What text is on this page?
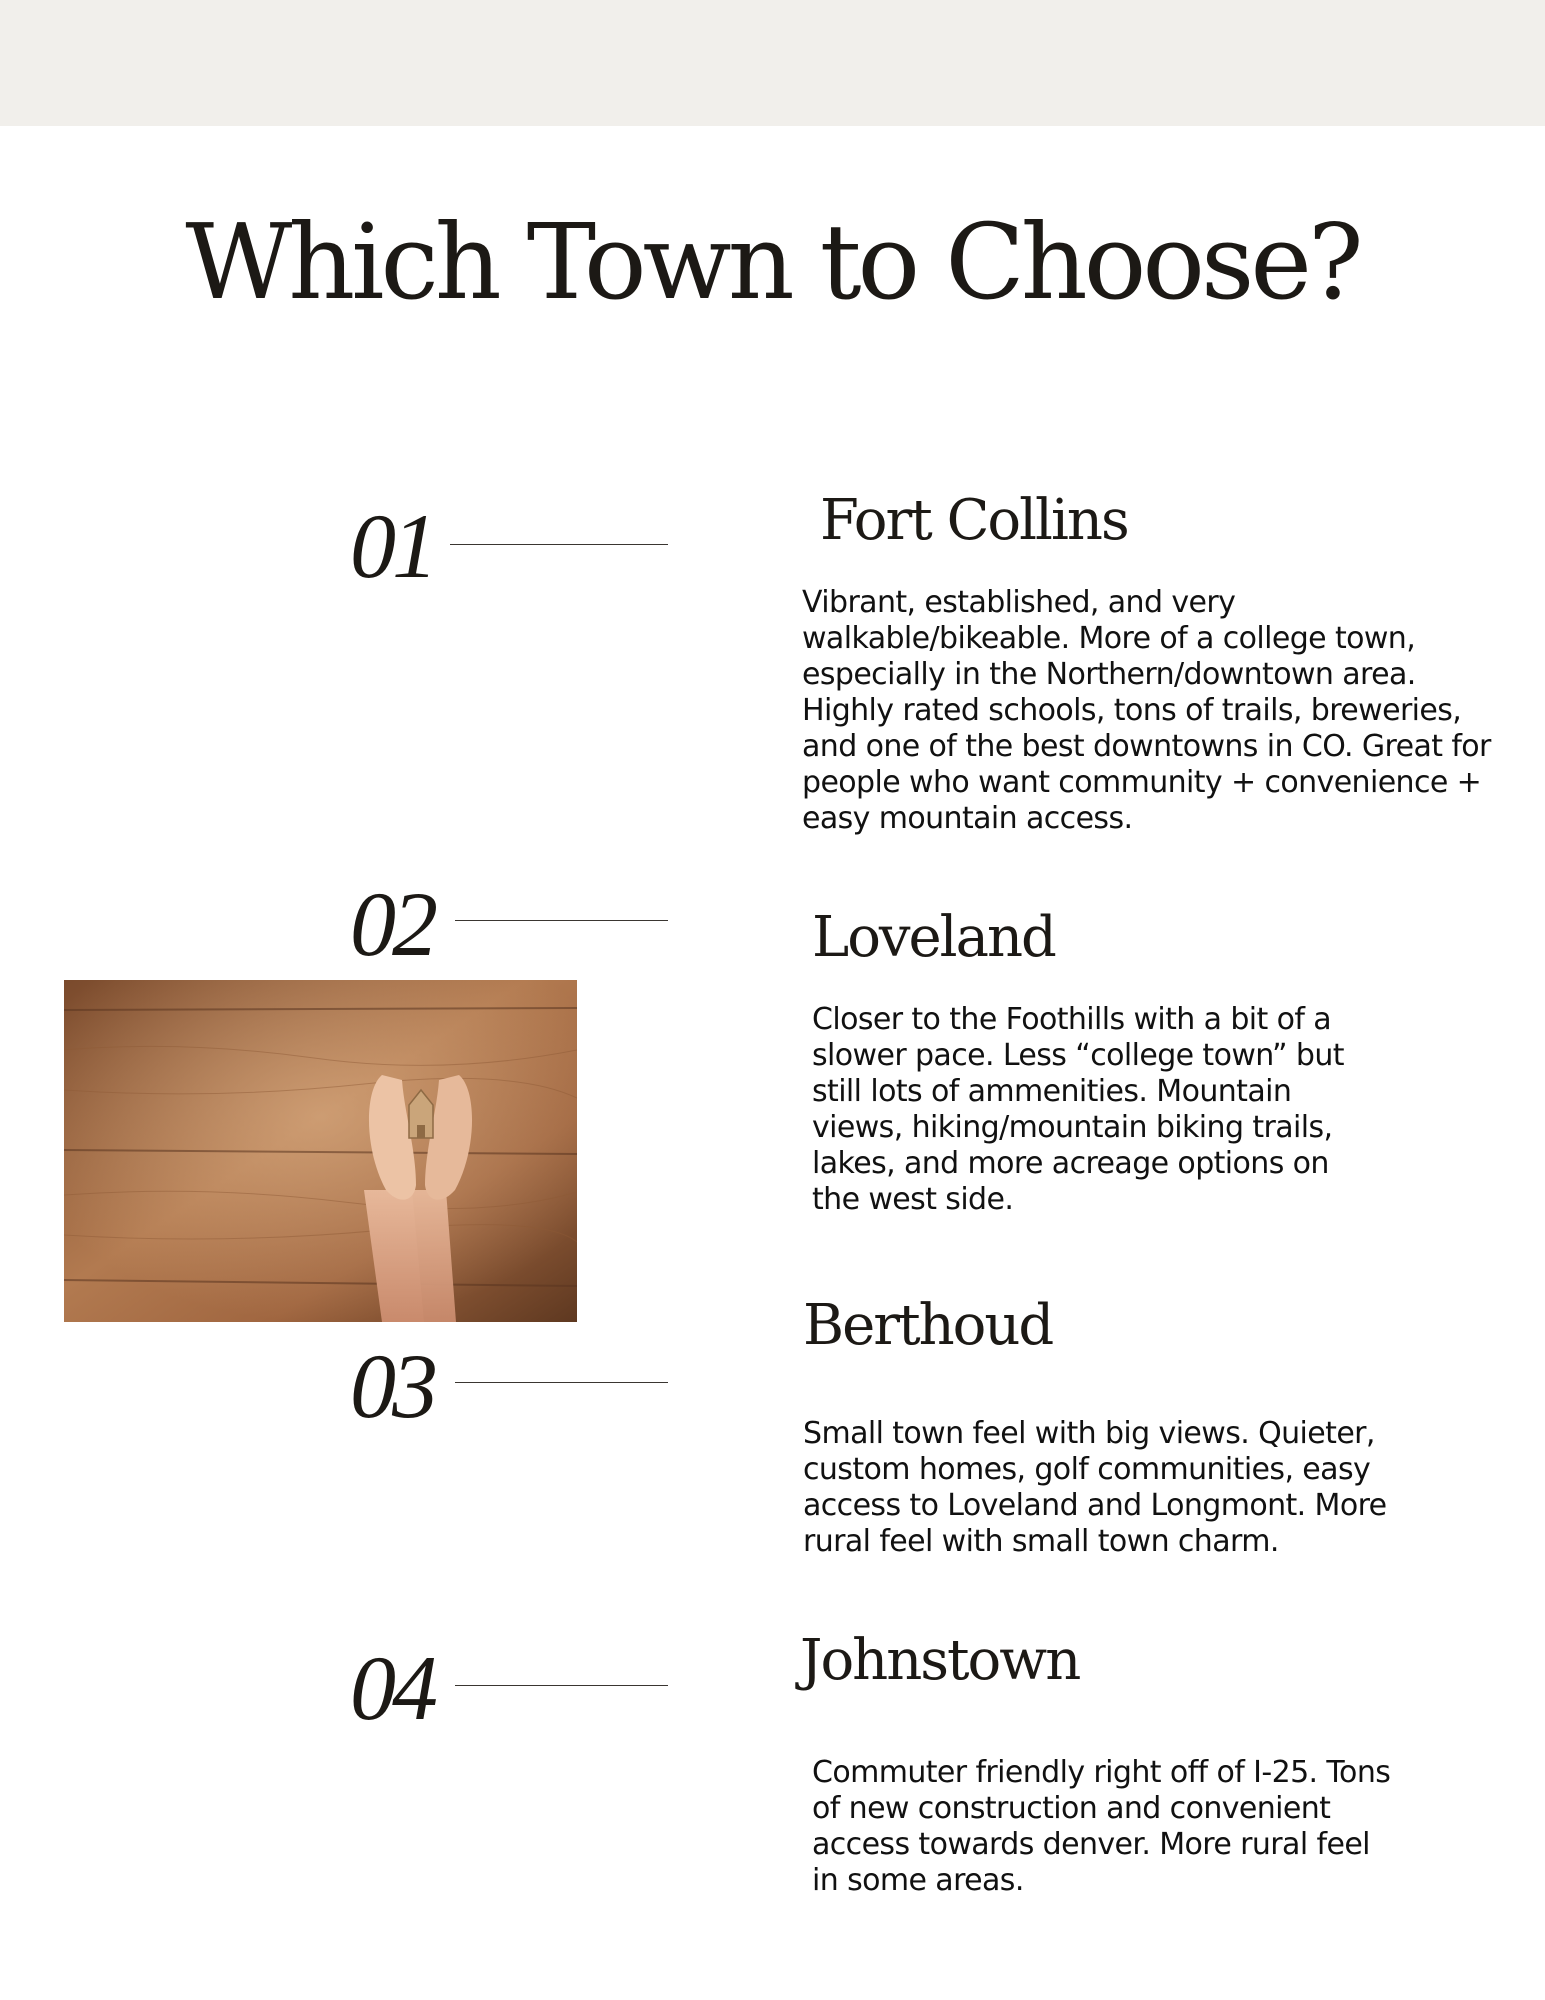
Which Town to Choose?
01	Fort Collins

Vibrant, established, and very walkable/bikeable. More of a college town, especially in the Northern/downtown area. Highly rated schools, tons of trails, breweries, and one of the best downtowns in CO. Great for people who want community + convenience + easy mountain access.

02	Loveland

Closer to the Foothills with a bit of a slower pace. Less “college town” but still lots of ammenities. Mountain views, hiking/mountain biking trails, lakes, and more acreage options on the west side.

03
Berthoud

Small town feel with big views. Quieter, custom homes, golf communities, easy access to Loveland and Longmont. More rural feel with small town charm.

04	Johnstown

Commuter friendly right off of I-25. Tons of new construction and convenient access towards denver. More rural feel in some areas.
